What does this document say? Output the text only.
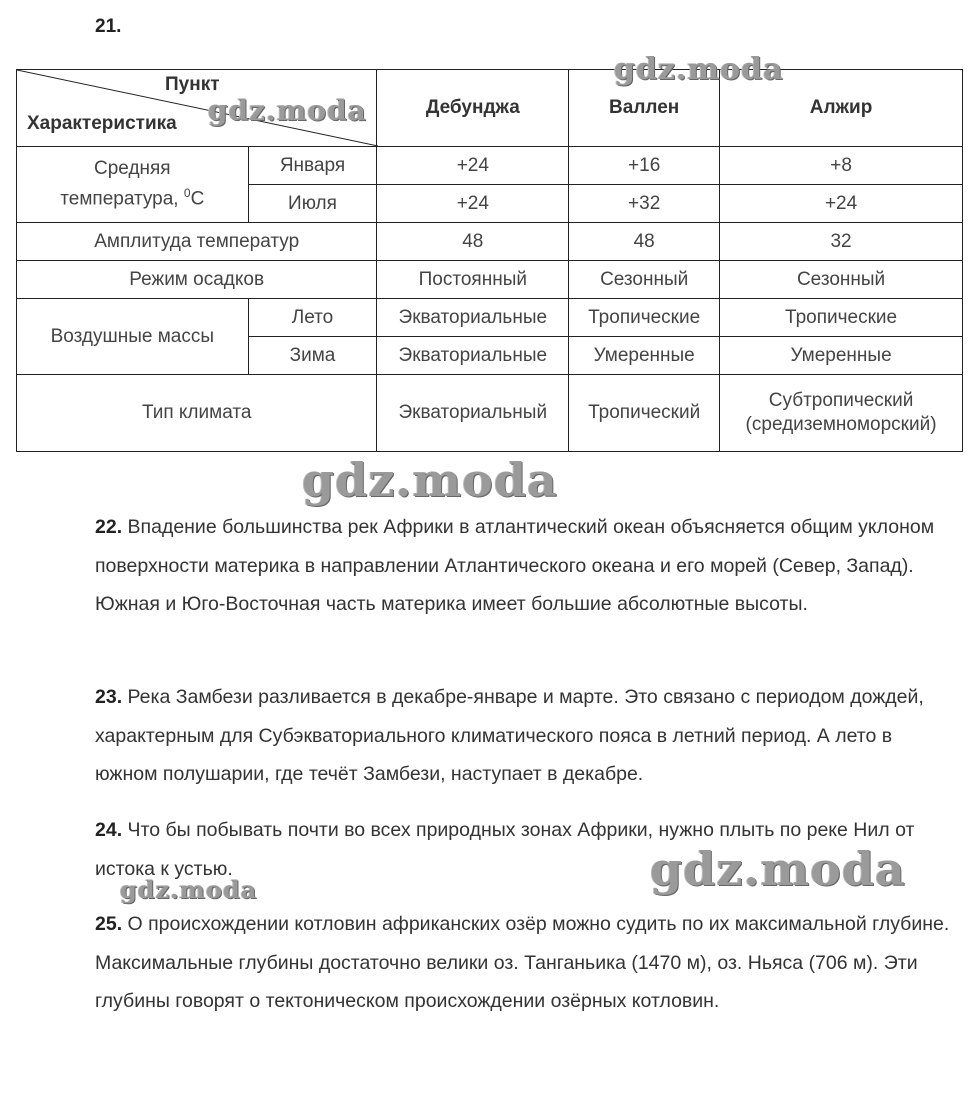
21.
Пункт
Характеристика		Дебунджа	Валлен	Алжир
Средняя
температура, $^0$С	Января	+24	+16	+8
	Июля	+24	+32	+24
Амплитуда температур		48	48	32
Режим осадков		Постоянный	Сезонный	Сезонный
Воздушные массы	Лето	Экваториальные	Тропические	Тропические
	Зима	Экваториальные	Умеренные	Умеренные
Тип климата		Экваториальный	Тропический	Субтропический
(средиземноморский)
gdz.moda
gdz.moda
gdz.moda
gdz.moda
gdz.moda

22. Впадение большинства рек Африки в атлантический океан объясняется общим уклоном поверхности материка в направлении Атлантического океана и его морей (Север, Запад). Южная и Юго-Восточная часть материка имеет большие абсолютные высоты.

23. Река Замбези разливается в декабре-январе и марте. Это связано с периодом дождей, характерным для Субэкваториального климатического пояса в летний период. А лето в южном полушарии, где течёт Замбези, наступает в декабре.

24. Что бы побывать почти во всех природных зонах Африки, нужно плыть по реке Нил от истока к устью.

25. О происхождении котловин африканских озёр можно судить по их максимальной глубине. Максимальные глубины достаточно велики оз. Танганьика (1470 м), оз. Ньяса (706 м). Эти глубины говорят о тектоническом происхождении озёрных котловин.
